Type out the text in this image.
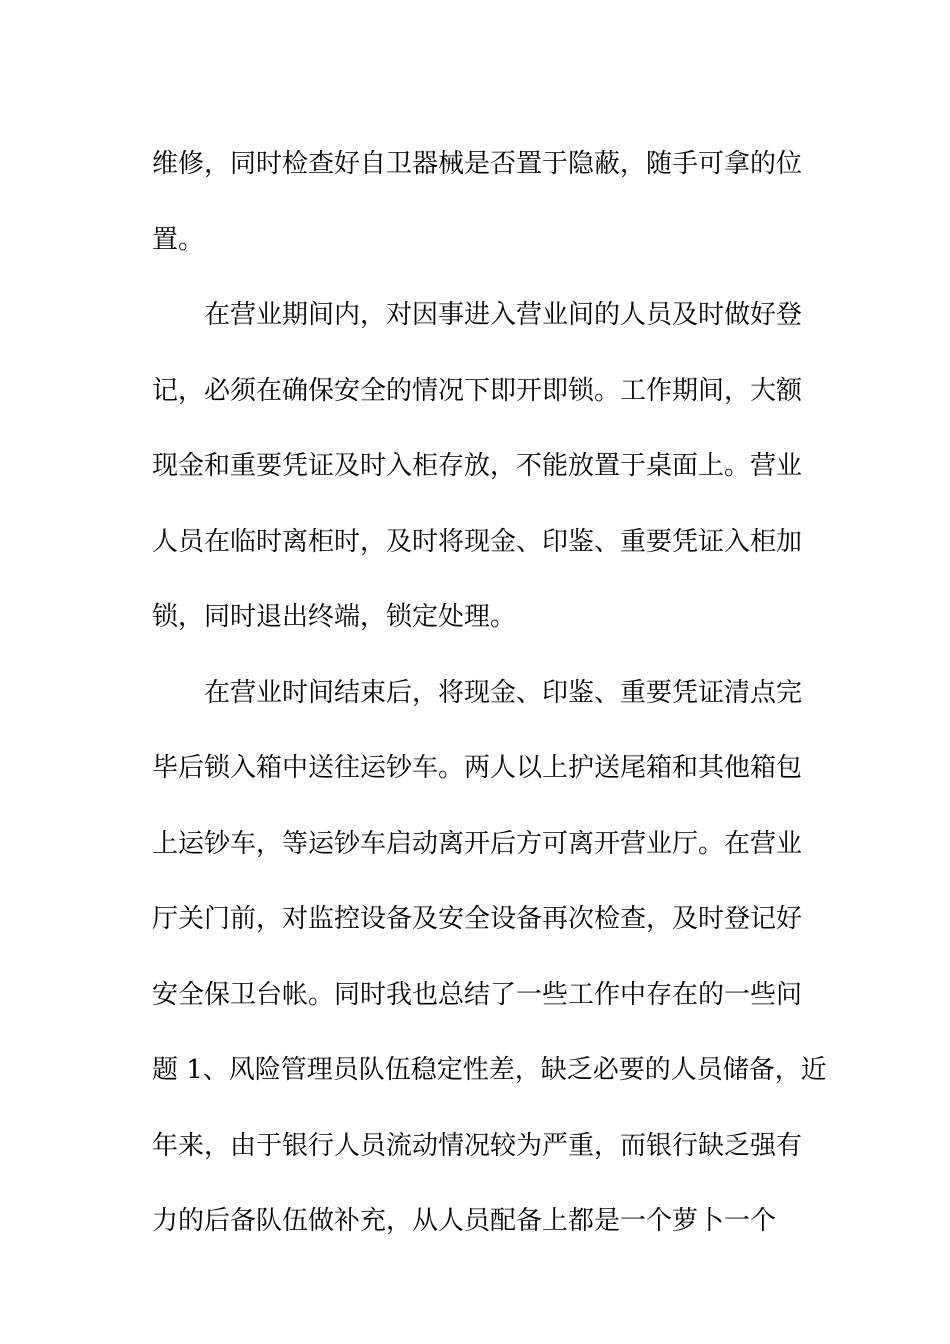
维修，同时检查好自卫器械是否置于隐蔽，随手可拿的位
置。
在营业期间内，对因事进入营业间的人员及时做好登
记，必须在确保安全的情况下即开即锁。工作期间，大额
现金和重要凭证及时入柜存放，不能放置于桌面上。营业
人员在临时离柜时，及时将现金、印鉴、重要凭证入柜加
锁，同时退出终端，锁定处理。
在营业时间结束后，将现金、印鉴、重要凭证清点完
毕后锁入箱中送往运钞车。两人以上护送尾箱和其他箱包
上运钞车，等运钞车启动离开后方可离开营业厅。在营业
厅关门前，对监控设备及安全设备再次检查，及时登记好
安全保卫台帐。同时我也总结了一些工作中存在的一些问
题 1、风险管理员队伍稳定性差，缺乏必要的人员储备，近
年来，由于银行人员流动情况较为严重，而银行缺乏强有
力的后备队伍做补充，从人员配备上都是一个萝卜一个
